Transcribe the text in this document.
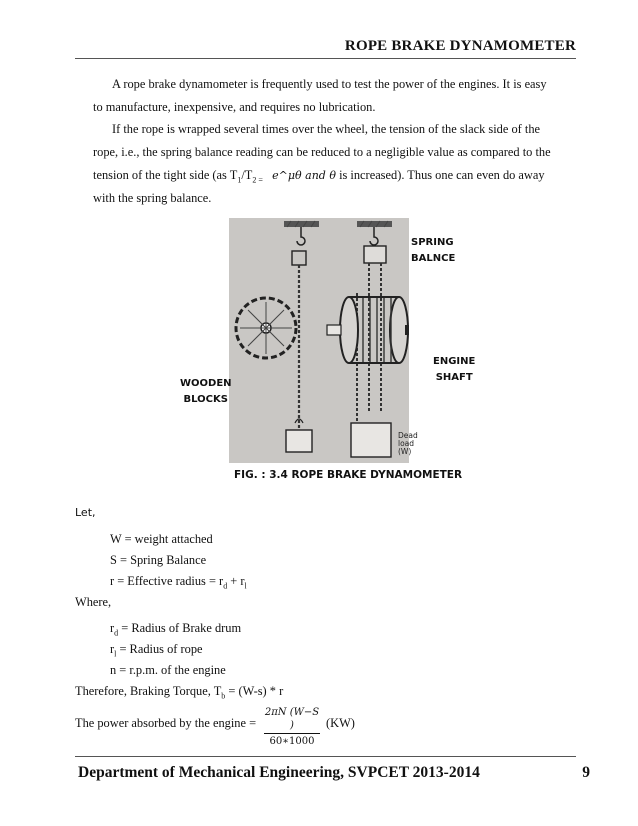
ROPE BRAKE DYNAMOMETER
A rope brake dynamometer is frequently used to test the power of the engines. It is easy
to manufacture, inexpensive, and requires no lubrication.
If the rope is wrapped several times over the wheel, the tension of the slack side of the
rope, i.e., the spring balance reading can be reduced to a negligible value as compared to the
tension of the tight side (as $T_1/T_{2 =}$ e^μθ and θ is increased). Thus one can even do away
with the spring balance.
SPRING
BALNCE
ENGINE
SHAFT
WOODEN
BLOCKS
Dead
load
(W)
FIG. : 3.4 ROPE BRAKE DYNAMOMETER
Let,
W = weight attached
S = Spring Balance
r = Effective radius = $r_d + r_l$
Where,
$r_d$ = Radius of Brake drum
$r_l$ = Radius of rope
n = r.p.m. of the engine
Therefore, Braking Torque, $T_b = (W-s) * r$
The power absorbed by the engine =
2πN (W−S )
60∗1000
(KW)
Department of Mechanical Engineering, SVPCET 2013-2014	9
